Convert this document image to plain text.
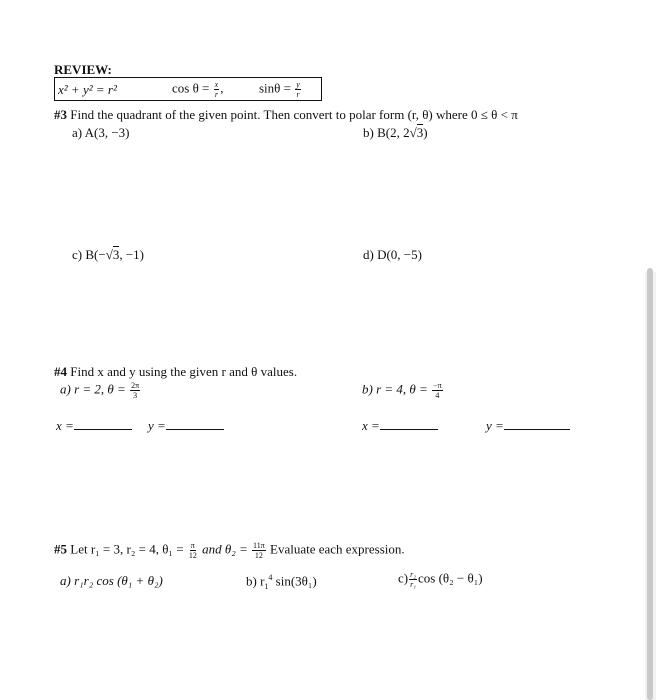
REVIEW:
x² + y² = r²	$\cos \theta = \frac{x}{r}$ ,	$\sin\theta = \frac{y}{r}$
#3 Find the quadrant of the given point. Then convert to polar form (r, θ) where 0 ≤ θ < π
a) A(3, −3)	b) B(2, 2√3)
c) B(−√3, −1)	d) D(0, −5)
#4 Find x and y using the given r and θ values.
a) r = 2, $\theta = \frac{2\pi}{3}$	b) r = 4, $\theta = \frac{-\pi}{4}$
x =	y =	x =	y =
#5 Let r₁ = 3, r₂ = 4, $\theta_1 = \frac{\pi}{12}$ and $\theta_2 = \frac{11\pi}{12}$ Evaluate each expression.
a) r₁r₂ cos (θ₁ + θ₂)	b) $r_1^4$ sin(3θ₁)	$c) \frac{\text{r₂}}{\text{r₁}}$ cos (θ₂ − θ₁)
